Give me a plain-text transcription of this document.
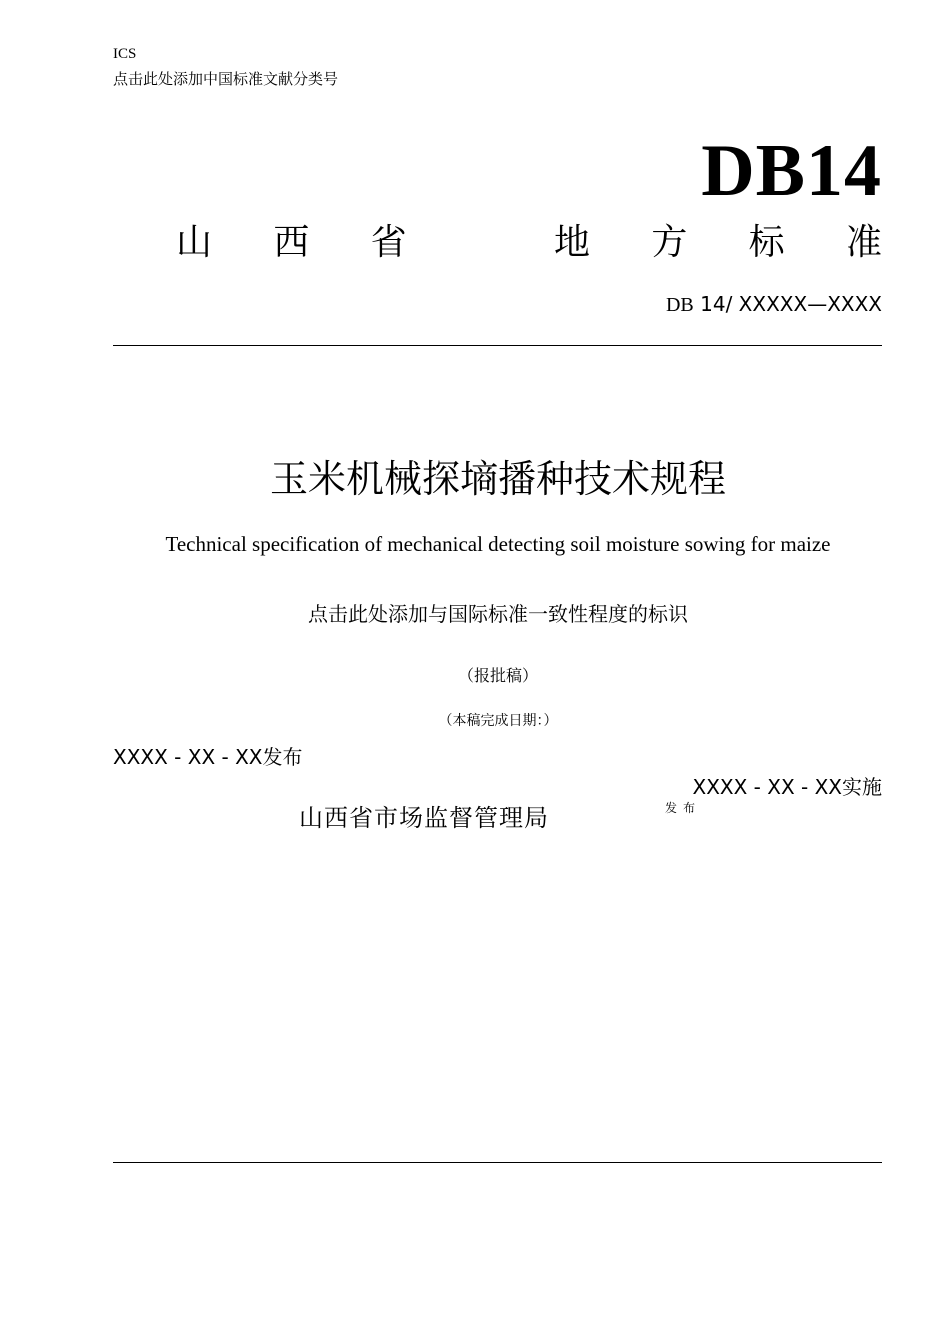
ICS
点击此处添加中国标准文献分类号
DB14
山 西 省	地 方 标 准
DB 14/ XXXXX—XXXX
玉米机械探墒播种技术规程
Technical specification of mechanical detecting soil moisture sowing for maize
点击此处添加与国际标准一致性程度的标识
（报批稿）
（本稿完成日期：）
XXXX - XX - XX发布
XXXX - XX - XX实施
山西省市场监督管理局	发布
